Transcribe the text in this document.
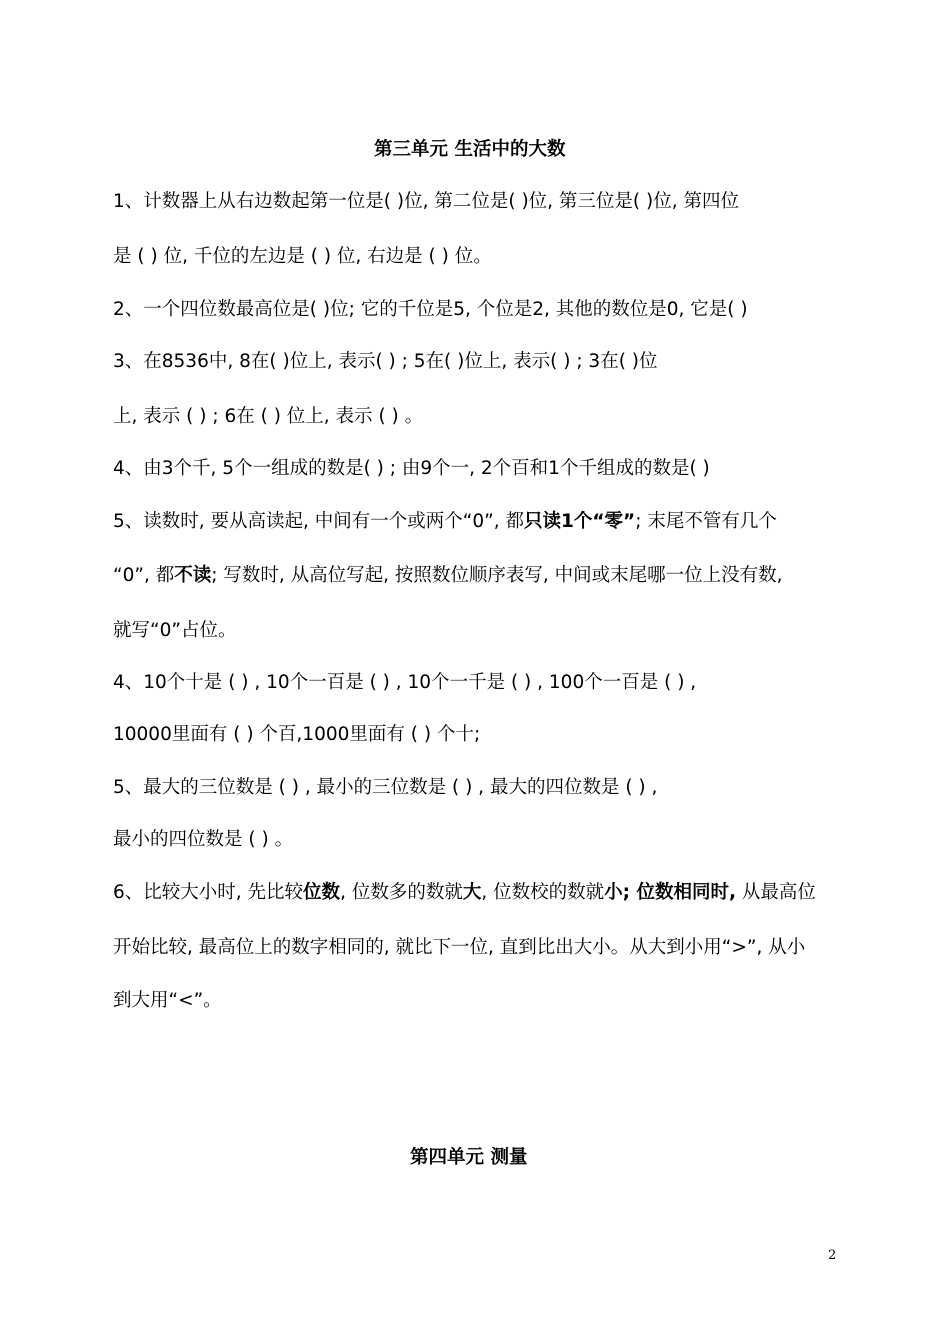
第三单元 生活中的大数
1、计数器上从右边数起第一位是( )位, 第二位是( )位, 第三位是( )位, 第四位
是 ( ) 位, 千位的左边是 ( ) 位, 右边是 ( ) 位。
2、一个四位数最高位是( )位; 它的千位是5, 个位是2, 其他的数位是0, 它是( )
3、在8536中, 8在( )位上, 表示( ) ; 5在( )位上, 表示( ) ; 3在( )位
上, 表示 ( ) ; 6在 ( ) 位上, 表示 ( ) 。
4、由3个千, 5个一组成的数是( ) ; 由9个一, 2个百和1个千组成的数是( )
5、读数时, 要从高读起, 中间有一个或两个“0”, 都只读1个“零”; 末尾不管有几个
“0”, 都不读; 写数时, 从高位写起, 按照数位顺序表写, 中间或末尾哪一位上没有数,
就写“0”占位。
4、10个十是 ( ) , 10个一百是 ( ) , 10个一千是 ( ) , 100个一百是 ( ) ,
10000里面有 ( ) 个百,1000里面有 ( ) 个十;
5、最大的三位数是 ( ) , 最小的三位数是 ( ) , 最大的四位数是 ( ) ,
最小的四位数是 ( ) 。
6、比较大小时, 先比较位数, 位数多的数就大, 位数校的数就小; 位数相同时, 从最高位
开始比较, 最高位上的数字相同的, 就比下一位, 直到比出大小。从大到小用“>”, 从小
到大用“<”。
第四单元 测量
2
